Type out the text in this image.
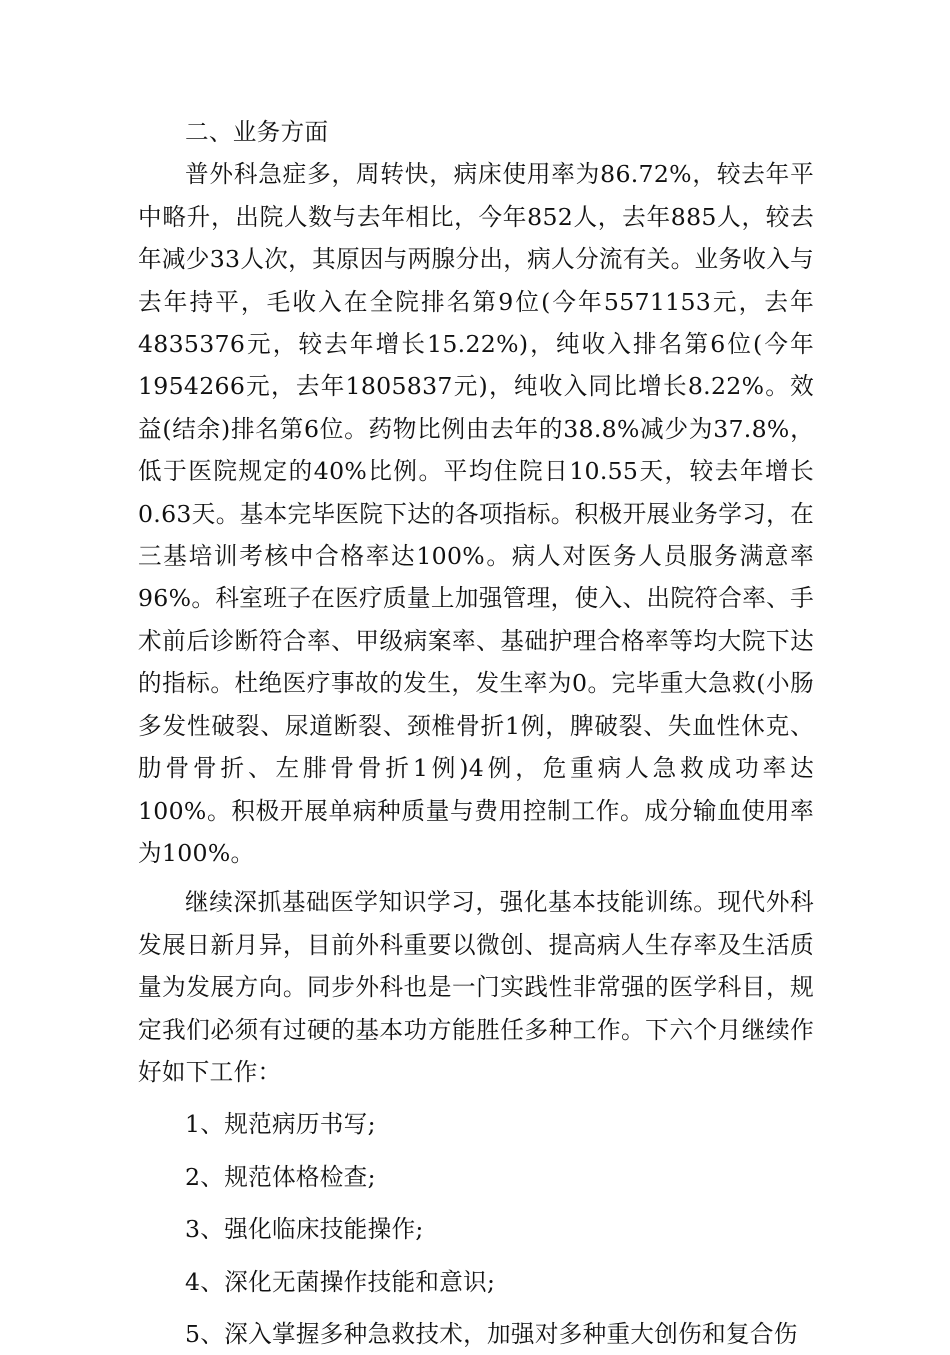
二、业务方面

普外科急症多，周转快，病床使用率为86.72%，较去年平中略升，出院人数与去年相比，今年852人，去年885人，较去年减少33人次，其原因与两腺分出，病人分流有关。业务收入与去年持平，毛收入在全院排名第9位(今年5571153元，去年4835376元，较去年增长15.22%)，纯收入排名第6位(今年1954266元，去年1805837元)，纯收入同比增长8.22%。效益(结余)排名第6位。药物比例由去年的38.8%减少为37.8%，低于医院规定的40%比例。平均住院日10.55天，较去年增长0.63天。基本完毕医院下达的各项指标。积极开展业务学习，在三基培训考核中合格率达100%。病人对医务人员服务满意率96%。科室班子在医疗质量上加强管理，使入、出院符合率、手术前后诊断符合率、甲级病案率、基础护理合格率等均大院下达的指标。杜绝医疗事故的发生，发生率为0。完毕重大急救(小肠多发性破裂、尿道断裂、颈椎骨折1例，脾破裂、失血性休克、肋骨骨折、左腓骨骨折1例)4例，危重病人急救成功率达100%。积极开展单病种质量与费用控制工作。成分输血使用率为100%。

继续深抓基础医学知识学习，强化基本技能训练。现代外科发展日新月异，目前外科重要以微创、提高病人生存率及生活质量为发展方向。同步外科也是一门实践性非常强的医学科目，规定我们必须有过硬的基本功方能胜任多种工作。下六个月继续作好如下工作：

1、规范病历书写;

2、规范体格检查;

3、强化临床技能操作;

4、深化无菌操作技能和意识;

5、深入掌握多种急救技术，加强对多种重大创伤和复合伤
